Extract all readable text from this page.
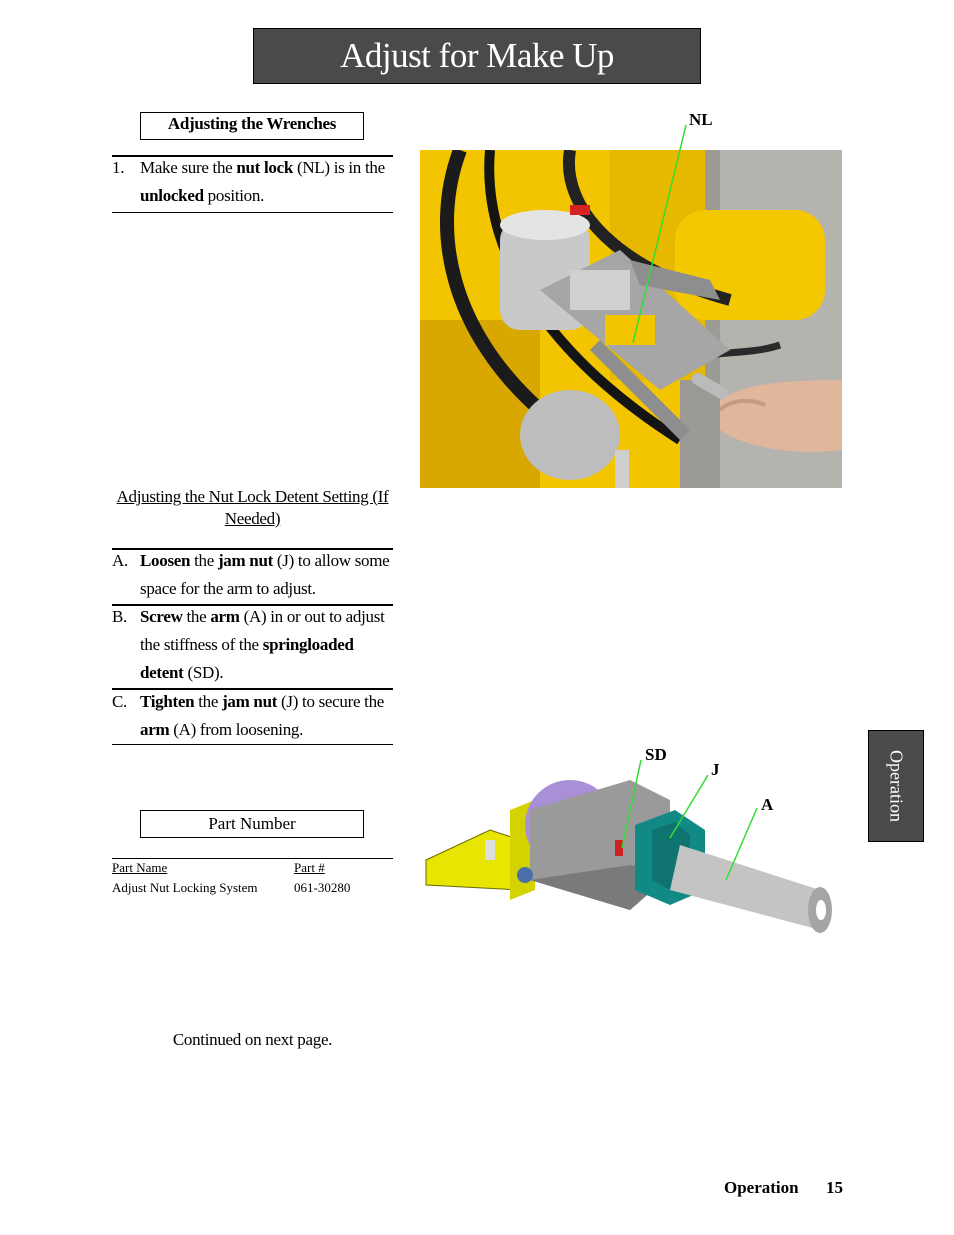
Adjust for Make Up
Adjusting the Wrenches
1. Make sure the nut lock (NL) is in the unlocked position.
Adjusting the Nut Lock Detent Setting (If Needed)
A. Loosen the jam nut (J) to allow some space for the arm to adjust.
B. Screw the arm (A) in or out to adjust the stiffness of the springloaded detent (SD).
C. Tighten the jam nut (J) to secure the arm (A) from loosening.
Part Number
Part Name	Part #
Adjust Nut Locking System	061-30280
Continued on next page.
NL
SD
J
A	Operation
Operation 15
